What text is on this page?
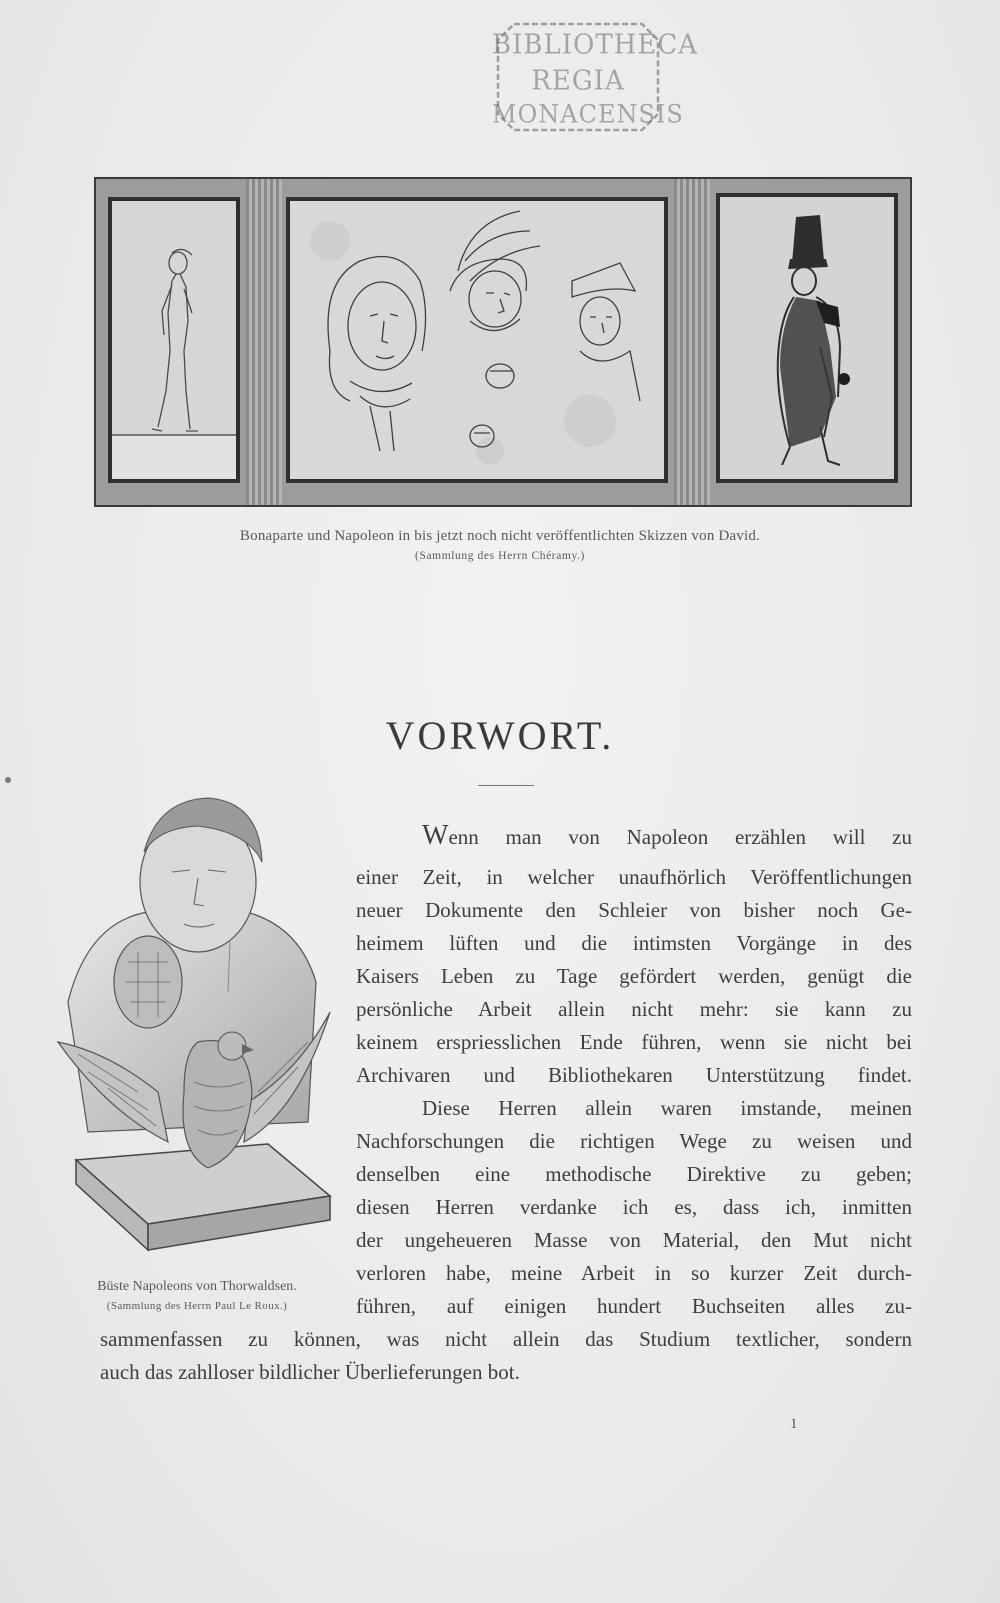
BIBLIOTHECA
REGIA
MONACENSIS
Bonaparte und Napoleon in bis jetzt noch nicht veröffentlichten Skizzen von David.
(Sammlung des Herrn Chéramy.)
VORWORT.
Büste Napoleons von Thorwaldsen.
(Sammlung des Herrn Paul Le Roux.)
Wenn man von Napoleon erzählen will zu
einer Zeit, in welcher unaufhörlich Veröffentlichungen
neuer Dokumente den Schleier von bisher noch Ge-
heimem lüften und die intimsten Vorgänge in des
Kaisers Leben zu Tage gefördert werden, genügt die
persönliche Arbeit allein nicht mehr: sie kann zu
keinem erspriesslichen Ende führen, wenn sie nicht bei
Archivaren und Bibliothekaren Unterstützung findet.
Diese Herren allein waren imstande, meinen
Nachforschungen die richtigen Wege zu weisen und
denselben eine methodische Direktive zu geben;
diesen Herren verdanke ich es, dass ich, inmitten
der ungeheueren Masse von Material, den Mut nicht
verloren habe, meine Arbeit in so kurzer Zeit durch-
führen, auf einigen hundert Buchseiten alles zu-
sammenfassen zu können, was nicht allein das Studium textlicher, sondern
auch das zahlloser bildlicher Überlieferungen bot.
1
